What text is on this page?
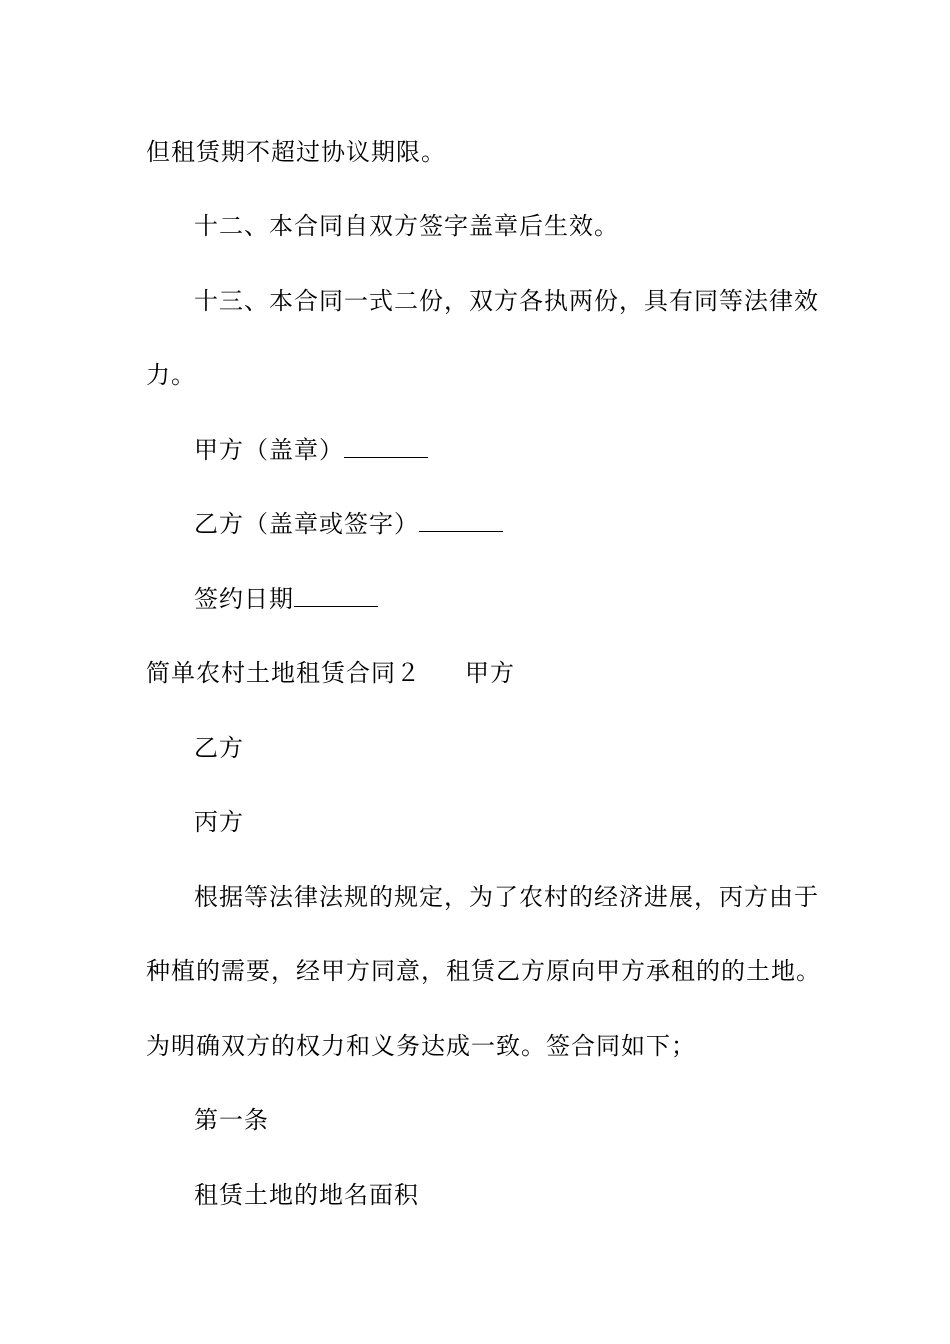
但租赁期不超过协议期限。
十二、本合同自双方签字盖章后生效。
十三、本合同一式二份，双方各执两份，具有同等法律效
力。
甲方（盖章）
乙方（盖章或签字）
签约日期
简单农村土地租赁合同２ 甲方
乙方
丙方
根据等法律法规的规定，为了农村的经济进展，丙方由于
种植的需要，经甲方同意，租赁乙方原向甲方承租的的土地。
为明确双方的权力和义务达成一致。签合同如下；
第一条
租赁土地的地名面积
